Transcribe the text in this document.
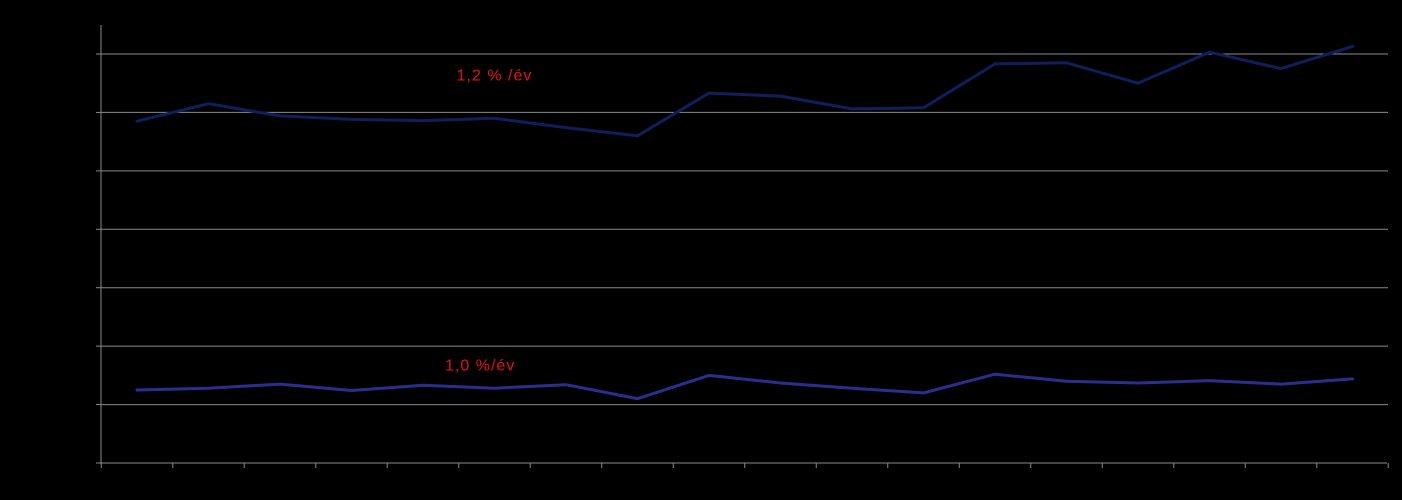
1,2 % /év
1,0 %/év
